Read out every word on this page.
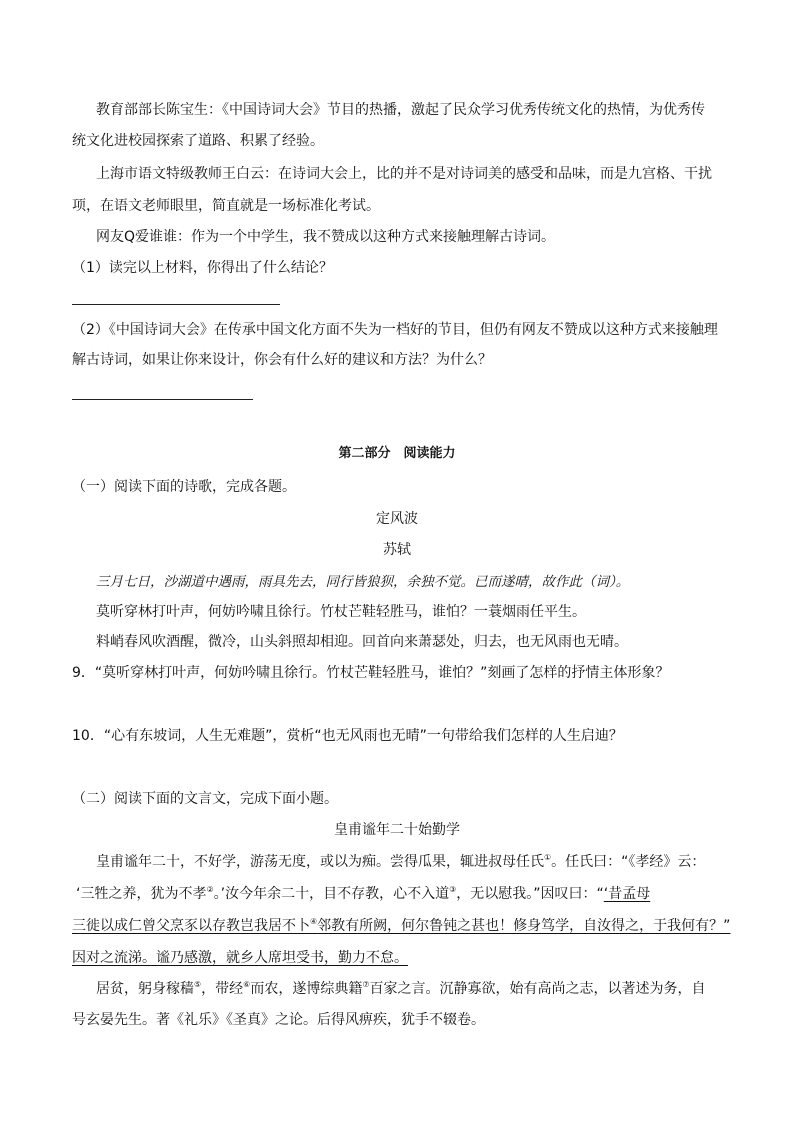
教育部部长陈宝生：《中国诗词大会》节目的热播，激起了民众学习优秀传统文化的热情，为优秀传
统文化进校园探索了道路、积累了经验。
上海市语文特级教师王白云：在诗词大会上，比的并不是对诗词美的感受和品味，而是九宫格、干扰
项，在语文老师眼里，简直就是一场标准化考试。
网友Q爱谁谁：作为一个中学生，我不赞成以这种方式来接触理解古诗词。
（1）读完以上材料，你得出了什么结论？
（2）《中国诗词大会》在传承中国文化方面不失为一档好的节目，但仍有网友不赞成以这种方式来接触理
解古诗词，如果让你来设计，你会有什么好的建议和方法？为什么？
第二部分　阅读能力
（一）阅读下面的诗歌，完成各题。
定风波
苏轼
三月七日，沙湖道中遇雨，雨具先去，同行皆狼狈，余独不觉。已而遂晴，故作此（词）。
莫听穿林打叶声，何妨吟啸且徐行。竹杖芒鞋轻胜马，谁怕？一蓑烟雨任平生。
料峭春风吹酒醒，微冷，山头斜照却相迎。回首向来萧瑟处，归去，也无风雨也无晴。
9．“莫听穿林打叶声，何妨吟啸且徐行。竹杖芒鞋轻胜马，谁怕？”刻画了怎样的抒情主体形象？
10．“心有东坡词，人生无难题”，赏析“也无风雨也无晴”一句带给我们怎样的人生启迪？
（二）阅读下面的文言文，完成下面小题。
皇甫谧年二十始勤学
皇甫谧年二十，不好学，游荡无度，或以为痴。尝得瓜果，辄进叔母任氏①。任氏曰：“《孝经》云：
‘三牲之养，犹为不孝②。’汝今年余二十，目不存教，心不入道③，无以慰我。”因叹曰：“‘昔孟母
三徙以成仁曾父烹豕以存教岂我居不卜④邻教有所阙，何尔鲁钝之甚也！修身笃学，自汝得之，于我何有？”
因对之流涕。谧乃感激，就乡人席坦受书，勤力不怠。
居贫，躬身稼穑⑤，带经⑥而农，遂博综典籍⑦百家之言。沉静寡欲，始有高尚之志，以著述为务，自
号玄晏先生。著《礼乐》《圣真》之论。后得风痹疾，犹手不辍卷。
